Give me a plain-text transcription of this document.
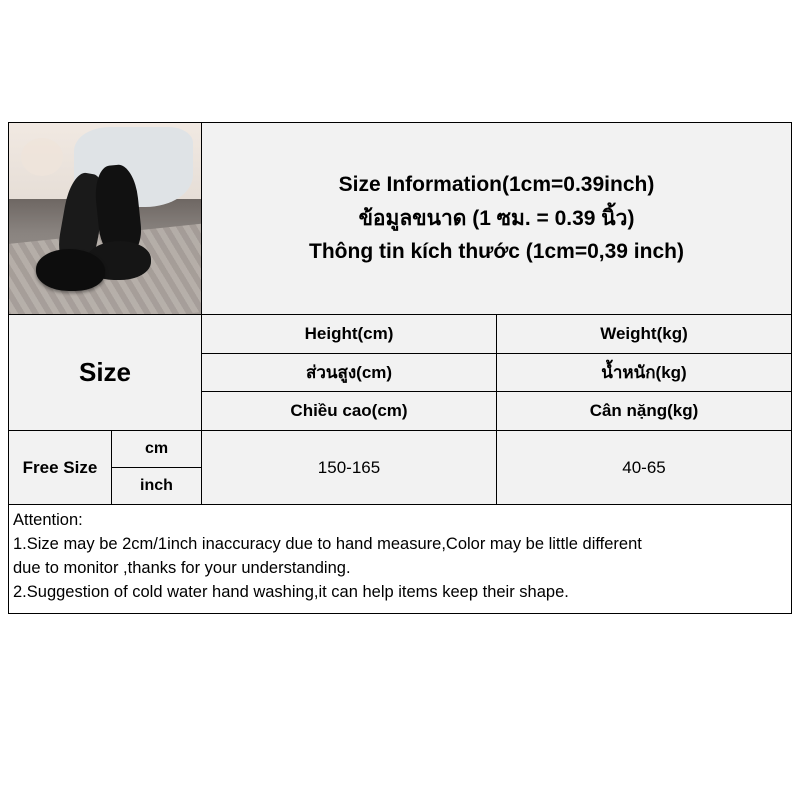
Size Information(1cm=0.39inch)
ข้อมูลขนาด (1 ซม. = 0.39 นิ้ว)
Thông tin kích thước (1cm=0,39 inch)
Size
Height(cm)
ส่วนสูง(cm)
Chiều cao(cm)
Weight(kg)
น้ำหนัก(kg)
Cân nặng(kg)
Free Size
cm
inch
150-165	40-65

Attention:

1.Size may be 2cm/1inch inaccuracy due to hand measure,Color may be little different

due to monitor ,thanks for your understanding.

2.Suggestion of cold water hand washing,it can help items keep their shape.
